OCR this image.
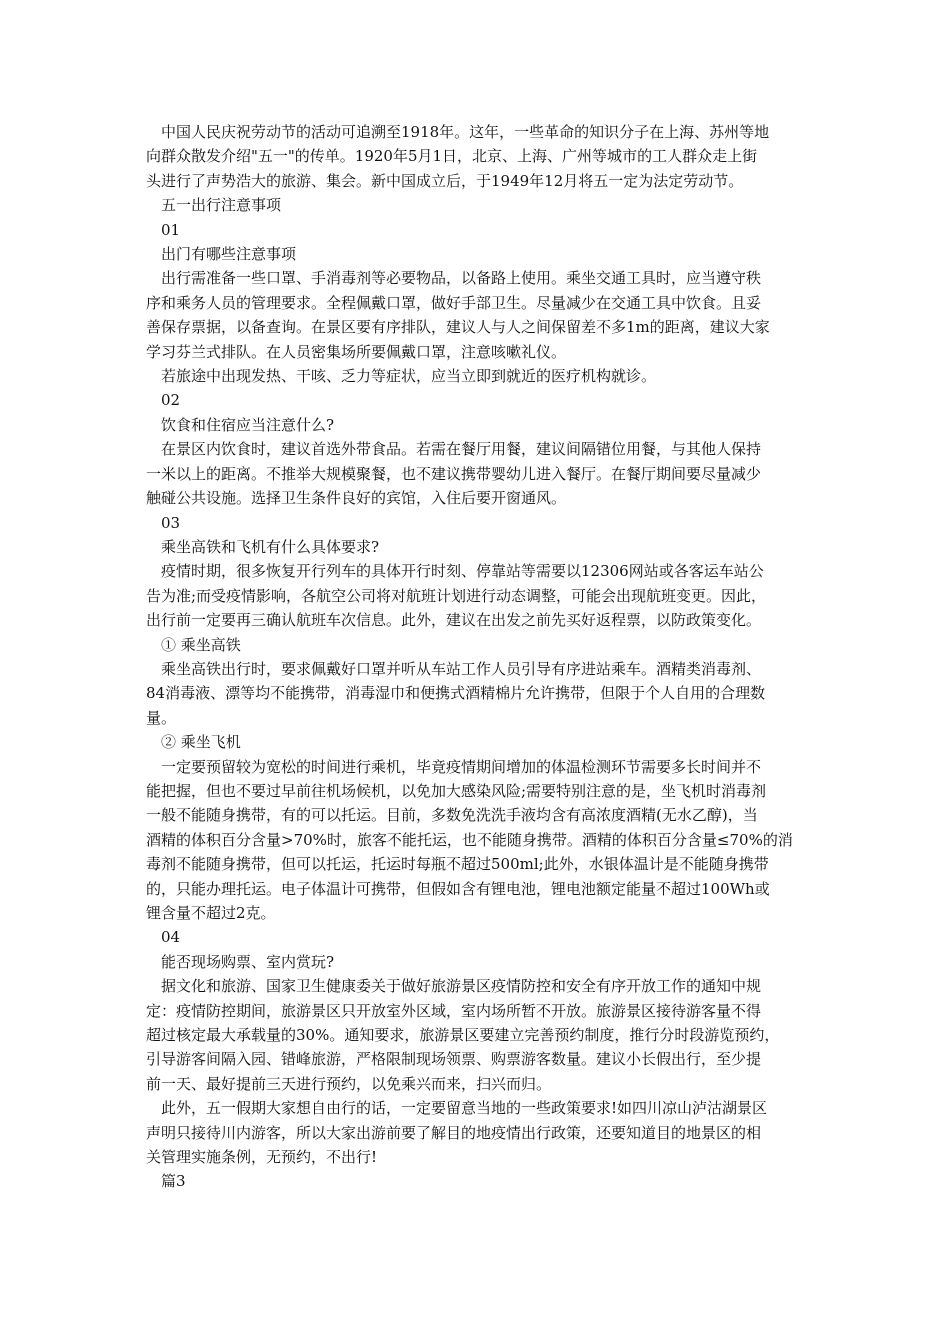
中国人民庆祝劳动节的活动可追溯至1918年。这年，一些革命的知识分子在上海、苏州等地
向群众散发介绍"五一"的传单。1920年5月1日，北京、上海、广州等城市的工人群众走上街
头进行了声势浩大的旅游、集会。新中国成立后，于1949年12月将五一定为法定劳动节。
五一出行注意事项
01
出门有哪些注意事项
出行需准备一些口罩、手消毒剂等必要物品，以备路上使用。乘坐交通工具时，应当遵守秩
序和乘务人员的管理要求。全程佩戴口罩，做好手部卫生。尽量减少在交通工具中饮食。且妥
善保存票据，以备查询。在景区要有序排队，建议人与人之间保留差不多1m的距离，建议大家
学习芬兰式排队。在人员密集场所要佩戴口罩，注意咳嗽礼仪。
若旅途中出现发热、干咳、乏力等症状，应当立即到就近的医疗机构就诊。
02
饮食和住宿应当注意什么?
在景区内饮食时，建议首选外带食品。若需在餐厅用餐，建议间隔错位用餐，与其他人保持
一米以上的距离。不推举大规模聚餐，也不建议携带婴幼儿进入餐厅。在餐厅期间要尽量减少
触碰公共设施。选择卫生条件良好的宾馆，入住后要开窗通风。
03
乘坐高铁和飞机有什么具体要求?
疫情时期，很多恢复开行列车的具体开行时刻、停靠站等需要以12306网站或各客运车站公
告为准;而受疫情影响，各航空公司将对航班计划进行动态调整，可能会出现航班变更。因此，
出行前一定要再三确认航班车次信息。此外，建议在出发之前先买好返程票，以防政策变化。
① 乘坐高铁
乘坐高铁出行时，要求佩戴好口罩并听从车站工作人员引导有序进站乘车。酒精类消毒剂、
84消毒液、漂等均不能携带，消毒湿巾和便携式酒精棉片允许携带，但限于个人自用的合理数
量。
② 乘坐飞机
一定要预留较为宽松的时间进行乘机，毕竟疫情期间增加的体温检测环节需要多长时间并不
能把握，但也不要过早前往机场候机，以免加大感染风险;需要特别注意的是，坐飞机时消毒剂
一般不能随身携带，有的可以托运。目前，多数免洗洗手液均含有高浓度酒精(无水乙醇)，当
酒精的体积百分含量>70%时，旅客不能托运，也不能随身携带。酒精的体积百分含量≤70%的消
毒剂不能随身携带，但可以托运，托运时每瓶不超过500ml;此外，水银体温计是不能随身携带
的，只能办理托运。电子体温计可携带，但假如含有锂电池，锂电池额定能量不超过100Wh或
锂含量不超过2克。
04
能否现场购票、室内赏玩?
据文化和旅游、国家卫生健康委关于做好旅游景区疫情防控和安全有序开放工作的通知中规
定：疫情防控期间，旅游景区只开放室外区域，室内场所暂不开放。旅游景区接待游客量不得
超过核定最大承载量的30%。通知要求，旅游景区要建立完善预约制度，推行分时段游览预约，
引导游客间隔入园、错峰旅游，严格限制现场领票、购票游客数量。建议小长假出行，至少提
前一天、最好提前三天进行预约，以免乘兴而来，扫兴而归。
此外，五一假期大家想自由行的话，一定要留意当地的一些政策要求!如四川凉山泸沽湖景区
声明只接待川内游客，所以大家出游前要了解目的地疫情出行政策，还要知道目的地景区的相
关管理实施条例，无预约，不出行!
篇3
